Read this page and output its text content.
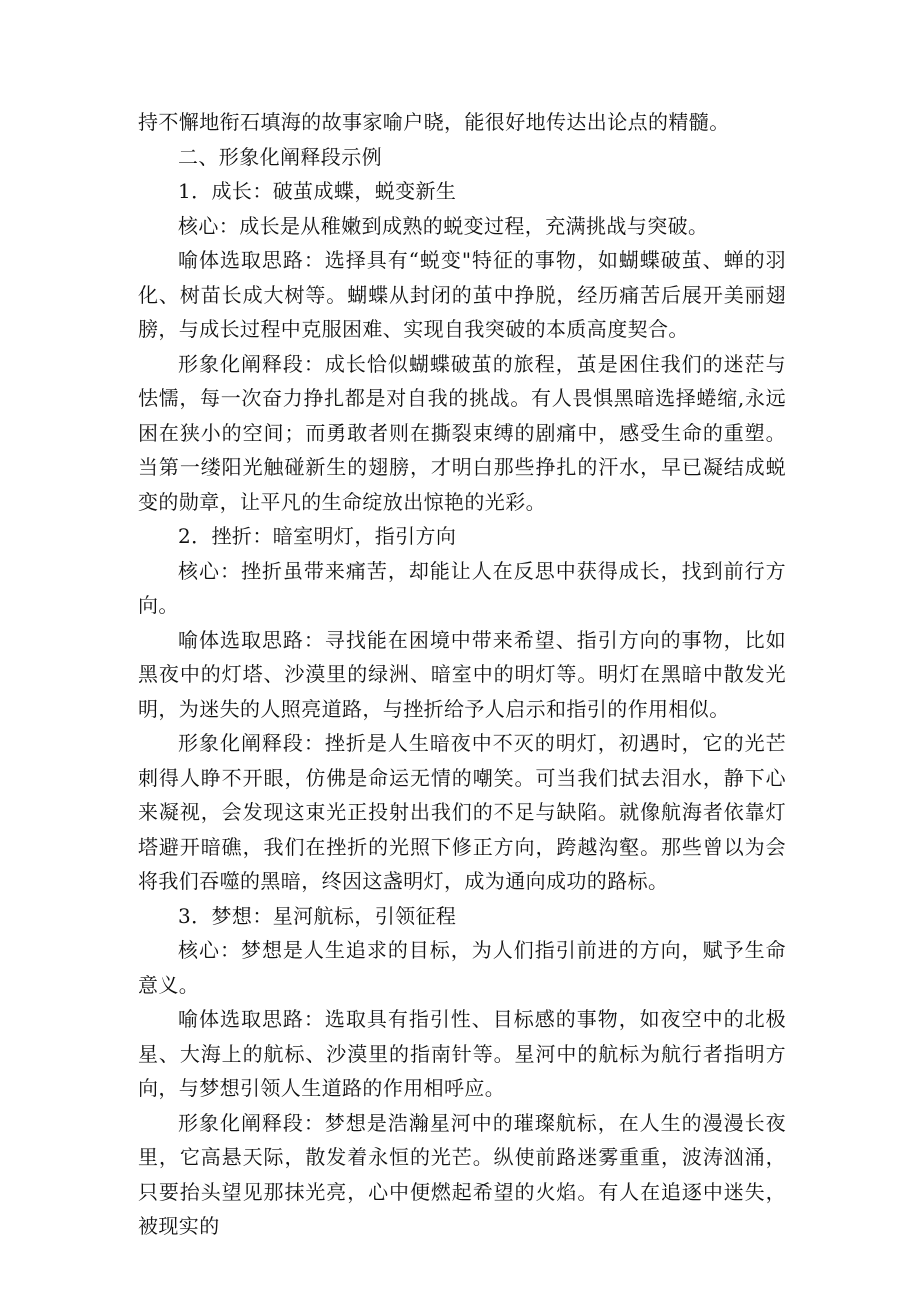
持不懈地衔石填海的故事家喻户晓，能很好地传达出论点的精髓。

二、形象化阐释段示例

1．成长：破茧成蝶，蜕变新生

核心：成长是从稚嫩到成熟的蜕变过程，充满挑战与突破。

喻体选取思路：选择具有“蜕变"特征的事物，如蝴蝶破茧、蝉的羽化、树苗长成大树等。蝴蝶从封闭的茧中挣脱，经历痛苦后展开美丽翅膀，与成长过程中克服困难、实现自我突破的本质高度契合。

形象化阐释段：成长恰似蝴蝶破茧的旅程，茧是困住我们的迷茫与怯懦，每一次奋力挣扎都是对自我的挑战。有人畏惧黑暗选择蜷缩,永远困在狭小的空间；而勇敢者则在撕裂束缚的剧痛中，感受生命的重塑。当第一缕阳光触碰新生的翅膀，才明白那些挣扎的汗水，早已凝结成蜕变的勋章，让平凡的生命绽放出惊艳的光彩。

2．挫折：暗室明灯，指引方向

核心：挫折虽带来痛苦，却能让人在反思中获得成长，找到前行方向。

喻体选取思路：寻找能在困境中带来希望、指引方向的事物，比如黑夜中的灯塔、沙漠里的绿洲、暗室中的明灯等。明灯在黑暗中散发光明，为迷失的人照亮道路，与挫折给予人启示和指引的作用相似。

形象化阐释段：挫折是人生暗夜中不灭的明灯，初遇时，它的光芒刺得人睁不开眼，仿佛是命运无情的嘲笑。可当我们拭去泪水，静下心来凝视，会发现这束光正投射出我们的不足与缺陷。就像航海者依靠灯塔避开暗礁，我们在挫折的光照下修正方向，跨越沟壑。那些曾以为会将我们吞噬的黑暗，终因这盏明灯，成为通向成功的路标。

3．梦想：星河航标，引领征程

核心：梦想是人生追求的目标，为人们指引前进的方向，赋予生命意义。

喻体选取思路：选取具有指引性、目标感的事物，如夜空中的北极星、大海上的航标、沙漠里的指南针等。星河中的航标为航行者指明方向，与梦想引领人生道路的作用相呼应。

形象化阐释段：梦想是浩瀚星河中的璀璨航标，在人生的漫漫长夜里，它高悬天际，散发着永恒的光芒。纵使前路迷雾重重，波涛汹涌，只要抬头望见那抹光亮，心中便燃起希望的火焰。有人在追逐中迷失，被现实的
